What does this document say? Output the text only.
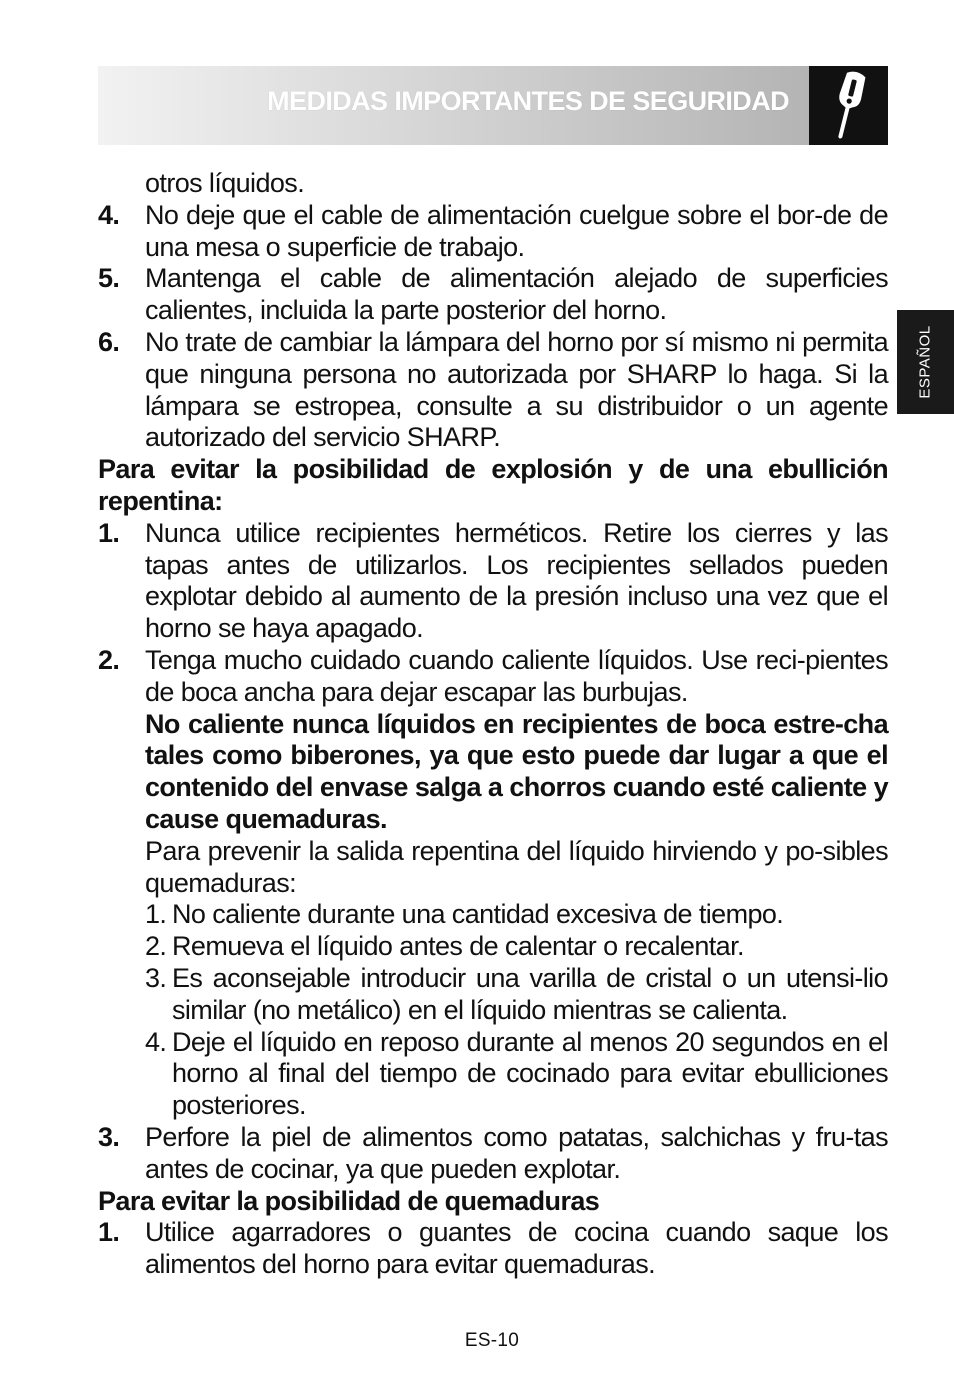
MEDIDAS IMPORTANTES DE SEGURIDAD
ESPAÑOL
otros líquidos.
4. No deje que el cable de alimentación cuelgue sobre el bor-de de una mesa o superficie de trabajo.
5. Mantenga el cable de alimentación alejado de superficies calientes, incluida la parte posterior del horno.
6. No trate de cambiar la lámpara del horno por sí mismo ni permita que ninguna persona no autorizada por SHARP lo haga. Si la lámpara se estropea, consulte a su distribuidor o un agente autorizado del servicio SHARP.
Para evitar la posibilidad de explosión y de una ebullición repentina:
1. Nunca utilice recipientes herméticos. Retire los cierres y las tapas antes de utilizarlos. Los recipientes sellados pueden explotar debido al aumento de la presión incluso una vez que el horno se haya apagado.
2. Tenga mucho cuidado cuando caliente líquidos. Use reci-pientes de boca ancha para dejar escapar las burbujas.
No caliente nunca líquidos en recipientes de boca estre-cha tales como biberones, ya que esto puede dar lugar a que el contenido del envase salga a chorros cuando esté caliente y cause quemaduras.
Para prevenir la salida repentina del líquido hirviendo y po-sibles quemaduras:
1. No caliente durante una cantidad excesiva de tiempo.
2. Remueva el líquido antes de calentar o recalentar.
3. Es aconsejable introducir una varilla de cristal o un utensi-lio similar (no metálico) en el líquido mientras se calienta.
4. Deje el líquido en reposo durante al menos 20 segundos en el horno al final del tiempo de cocinado para evitar ebulliciones posteriores.
3. Perfore la piel de alimentos como patatas, salchichas y fru-tas antes de cocinar, ya que pueden explotar.
Para evitar la posibilidad de quemaduras
1. Utilice agarradores o guantes de cocina cuando saque los alimentos del horno para evitar quemaduras.
ES-10
